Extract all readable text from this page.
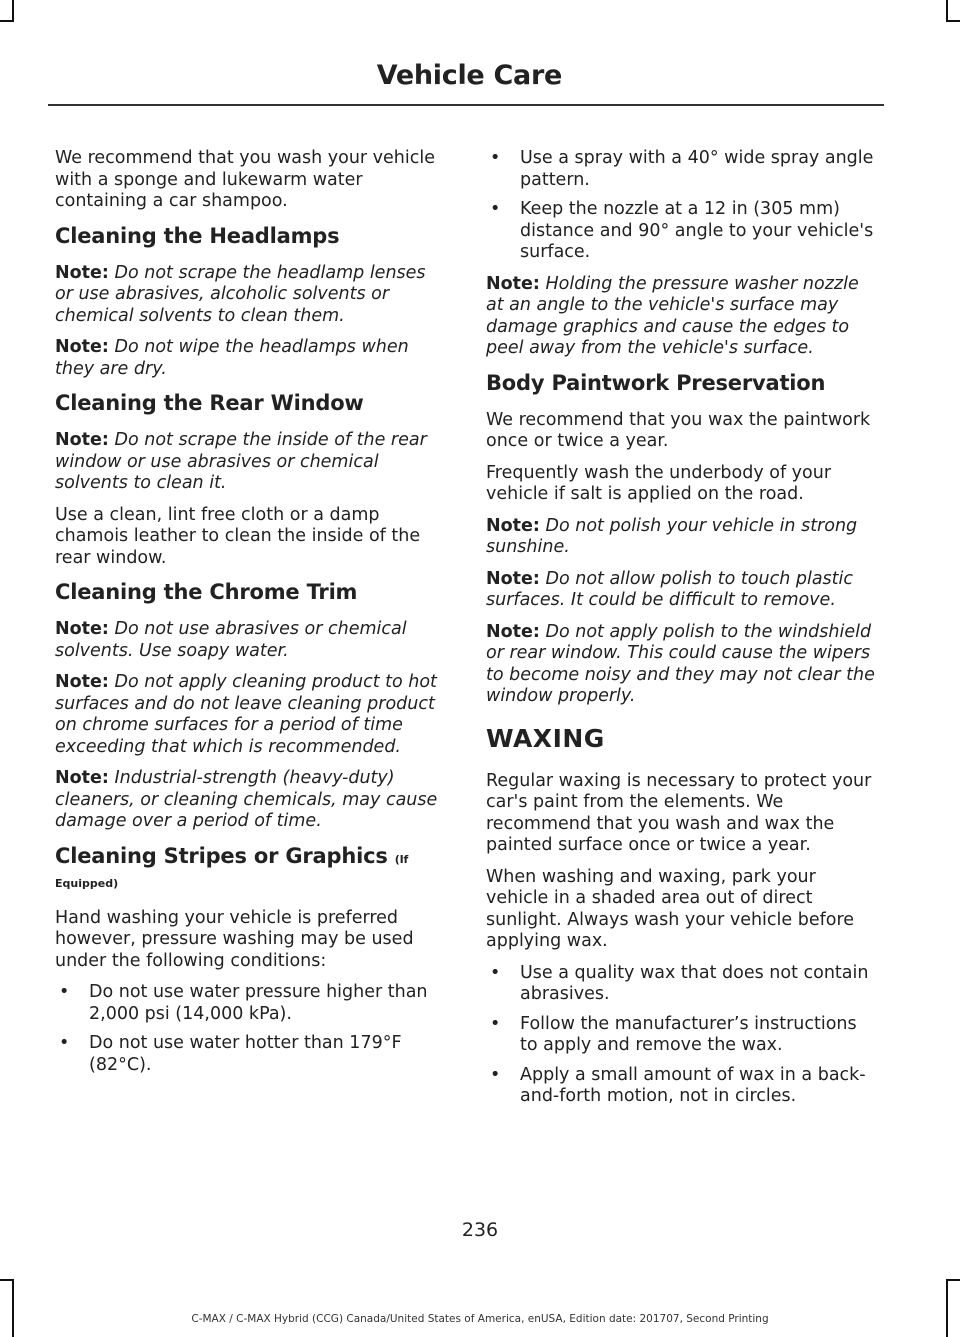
Vehicle Care

We recommend that you wash your vehicle with a sponge and lukewarm water containing a car shampoo.

Cleaning the Headlamps
Note: Do not scrape the headlamp lenses or use abrasives, alcoholic solvents or chemical solvents to clean them.
Note: Do not wipe the headlamps when they are dry.
Cleaning the Rear Window
Note: Do not scrape the inside of the rear window or use abrasives or chemical solvents to clean it.

Use a clean, lint free cloth or a damp chamois leather to clean the inside of the rear window.

Cleaning the Chrome Trim
Note: Do not use abrasives or chemical solvents. Use soapy water.
Note: Do not apply cleaning product to hot surfaces and do not leave cleaning product on chrome surfaces for a period of time exceeding that which is recommended.
Note: Industrial-strength (heavy-duty) cleaners, or cleaning chemicals, may cause damage over a period of time.
Cleaning Stripes or Graphics (If
Equipped)

Hand washing your vehicle is preferred however, pressure washing may be used under the following conditions:

• Do not use water pressure higher than 2,000 psi (14,000 kPa).
• Do not use water hotter than 179°F (82°C).
• Use a spray with a 40° wide spray angle pattern.
• Keep the nozzle at a 12 in (305 mm) distance and 90° angle to your vehicle's surface.
Note: Holding the pressure washer nozzle at an angle to the vehicle's surface may damage graphics and cause the edges to peel away from the vehicle's surface.
Body Paintwork Preservation

We recommend that you wax the paintwork once or twice a year.

Frequently wash the underbody of your vehicle if salt is applied on the road.

Note: Do not polish your vehicle in strong sunshine.
Note: Do not allow polish to touch plastic surfaces. It could be difficult to remove.
Note: Do not apply polish to the windshield or rear window. This could cause the wipers to become noisy and they may not clear the window properly.
WAXING

Regular waxing is necessary to protect your car's paint from the elements. We recommend that you wash and wax the painted surface once or twice a year.

When washing and waxing, park your vehicle in a shaded area out of direct sunlight. Always wash your vehicle before applying wax.

• Use a quality wax that does not contain abrasives.
• Follow the manufacturer’s instructions to apply and remove the wax.
• Apply a small amount of wax in a back-and-forth motion, not in circles.
236
C-MAX / C-MAX Hybrid (CCG) Canada/United States of America, enUSA, Edition date: 201707, Second Printing
